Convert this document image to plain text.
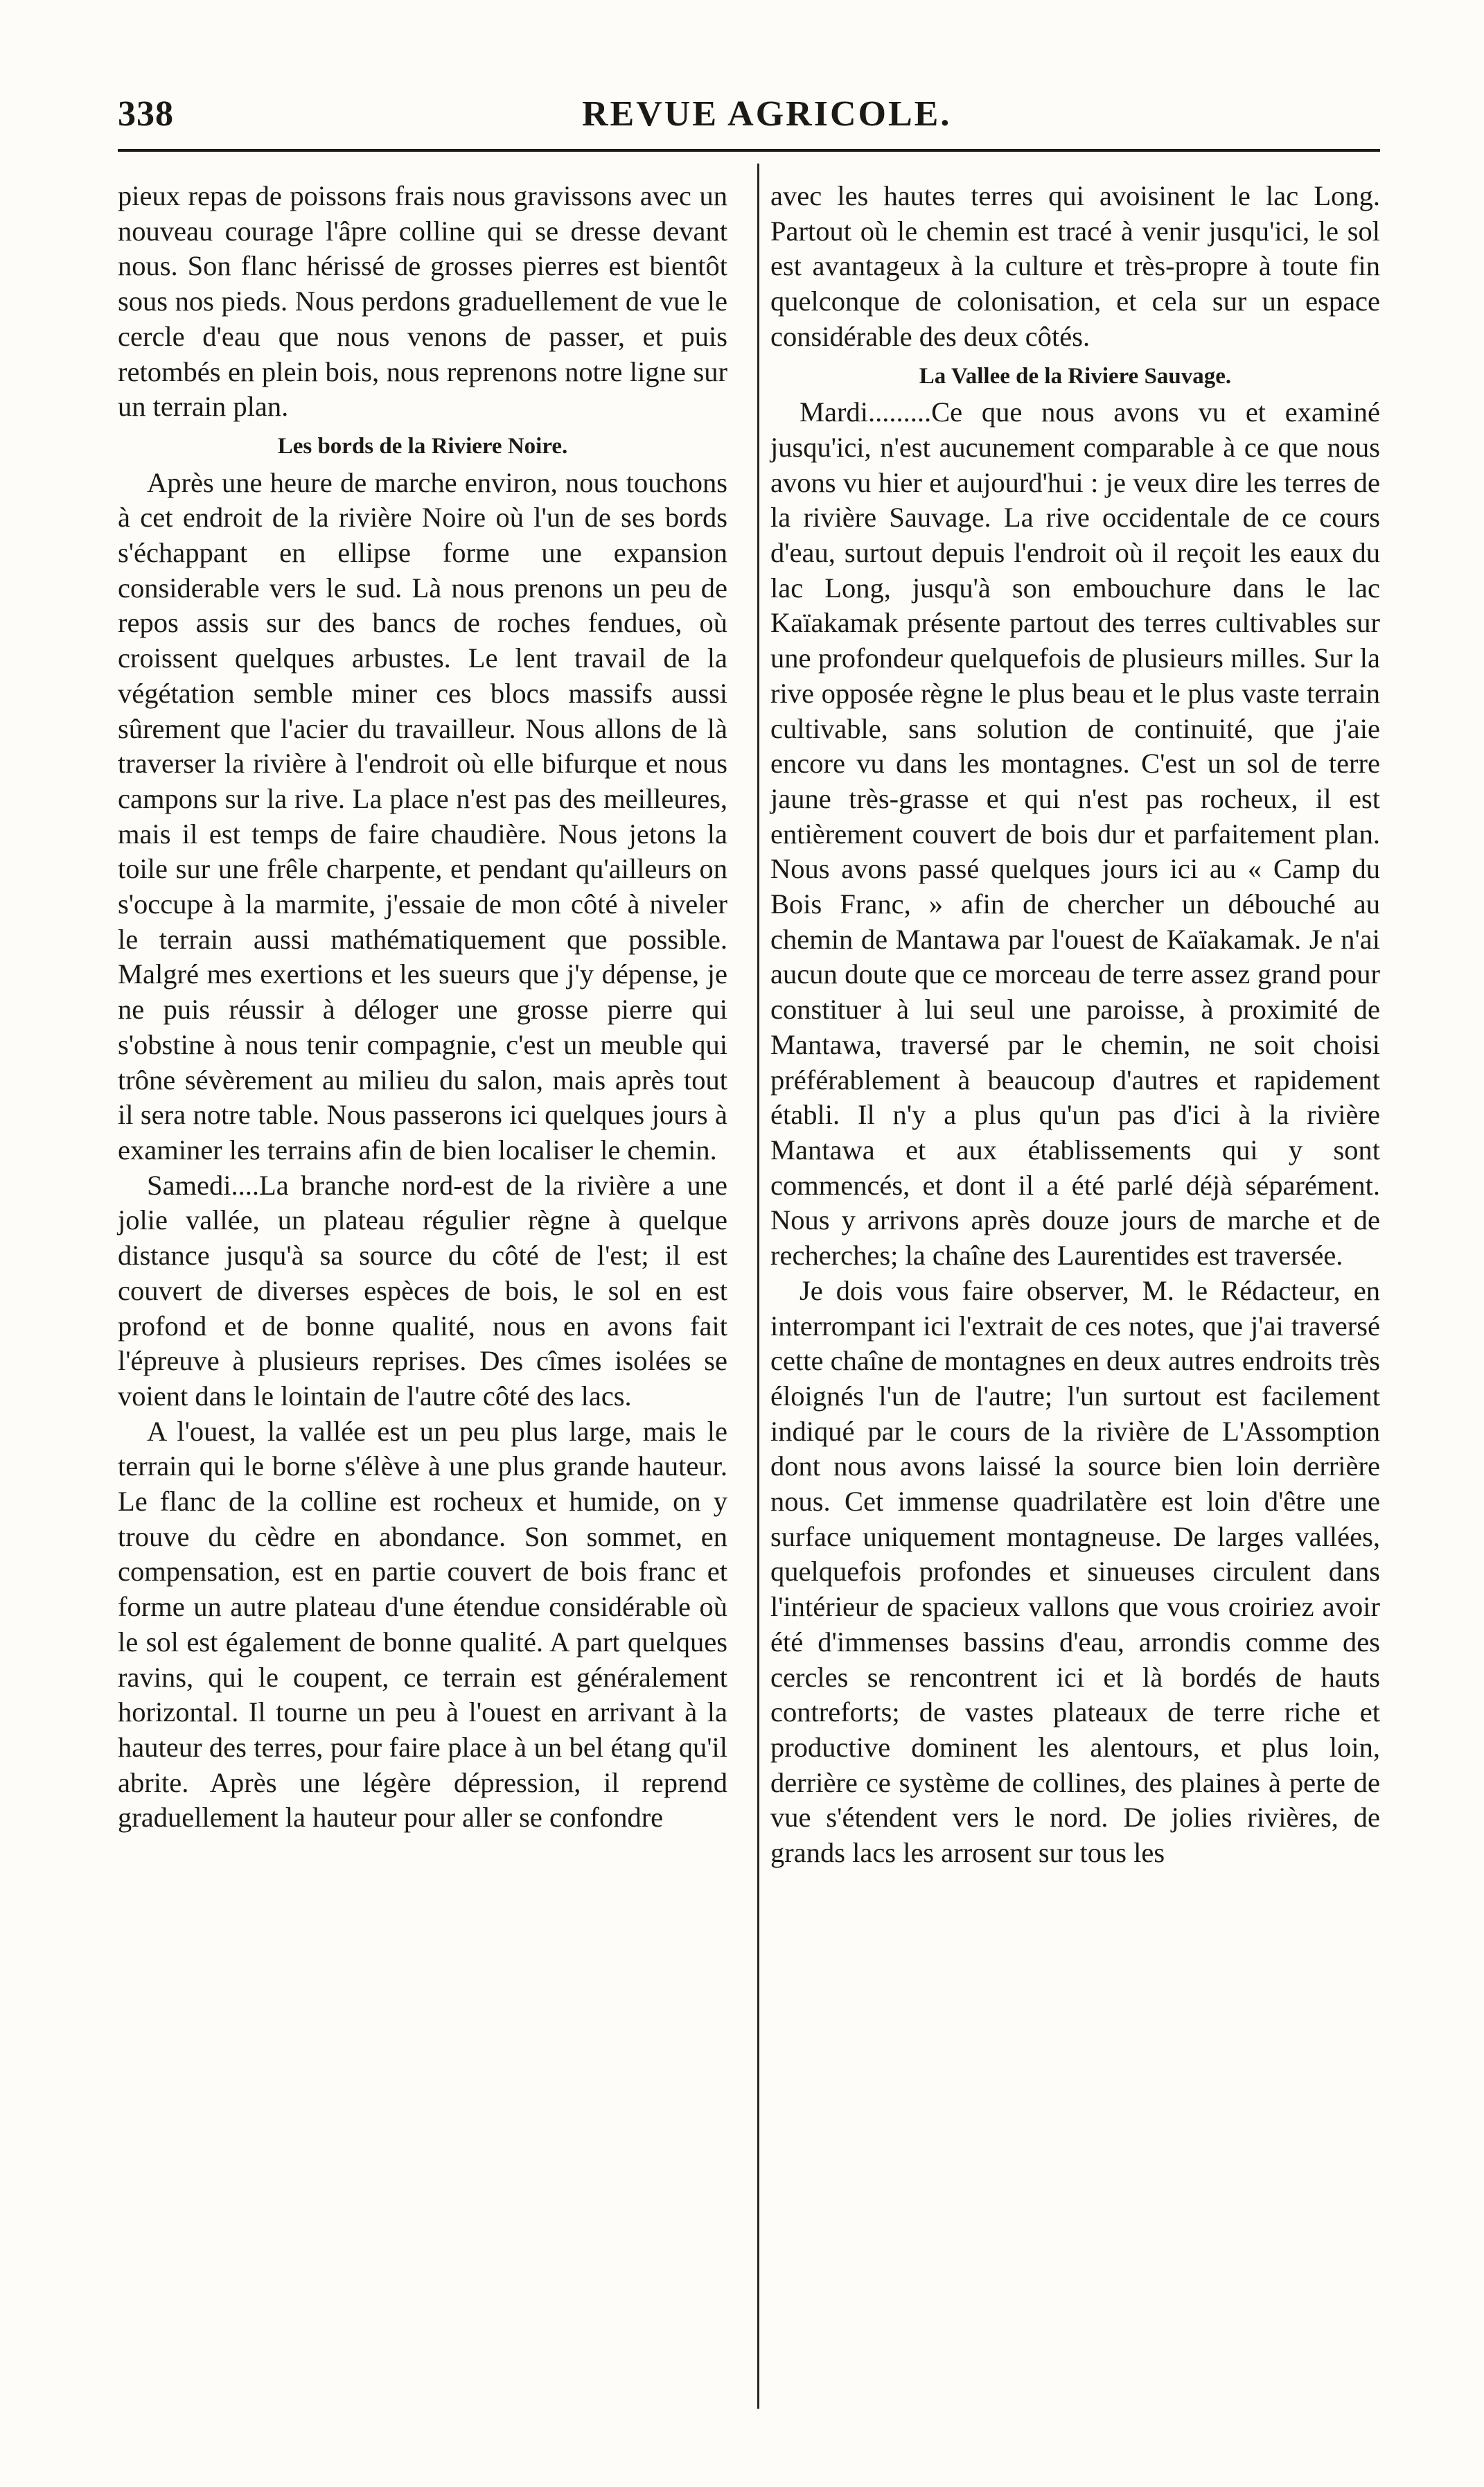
338	REVUE AGRICOLE.

pieux repas de poissons frais nous gravissons avec un nouveau courage l'âpre colline qui se dresse devant nous. Son flanc hérissé de grosses pierres est bientôt sous nos pieds. Nous perdons graduellement de vue le cercle d'eau que nous venons de passer, et puis retombés en plein bois, nous reprenons notre ligne sur un terrain plan.

Les bords de la Riviere Noire.

Après une heure de marche environ, nous touchons à cet endroit de la rivière Noire où l'un de ses bords s'échappant en ellipse forme une expansion considerable vers le sud. Là nous prenons un peu de repos assis sur des bancs de roches fendues, où croissent quelques arbustes. Le lent travail de la végétation semble miner ces blocs massifs aussi sûrement que l'acier du travailleur. Nous allons de là traverser la rivière à l'endroit où elle bifurque et nous campons sur la rive. La place n'est pas des meilleures, mais il est temps de faire chaudière. Nous jetons la toile sur une frêle charpente, et pendant qu'ailleurs on s'occupe à la marmite, j'essaie de mon côté à niveler le terrain aussi mathématiquement que possible. Malgré mes exertions et les sueurs que j'y dépense, je ne puis réussir à déloger une grosse pierre qui s'obstine à nous tenir compagnie, c'est un meuble qui trône sévèrement au milieu du salon, mais après tout il sera notre table. Nous passerons ici quelques jours à examiner les terrains afin de bien localiser le chemin.

Samedi....La branche nord-est de la rivière a une jolie vallée, un plateau régulier règne à quelque distance jusqu'à sa source du côté de l'est; il est couvert de diverses espèces de bois, le sol en est profond et de bonne qualité, nous en avons fait l'épreuve à plusieurs reprises. Des cîmes isolées se voient dans le lointain de l'autre côté des lacs.

A l'ouest, la vallée est un peu plus large, mais le terrain qui le borne s'élève à une plus grande hauteur. Le flanc de la colline est rocheux et humide, on y trouve du cèdre en abondance. Son sommet, en compensation, est en partie couvert de bois franc et forme un autre plateau d'une étendue considérable où le sol est également de bonne qualité. A part quelques ravins, qui le coupent, ce terrain est généralement horizontal. Il tourne un peu à l'ouest en arrivant à la hauteur des terres, pour faire place à un bel étang qu'il abrite. Après une légère dépression, il reprend graduellement la hauteur pour aller se confondre

avec les hautes terres qui avoisinent le lac Long. Partout où le chemin est tracé à venir jusqu'ici, le sol est avantageux à la culture et très-propre à toute fin quelconque de colonisation, et cela sur un espace considérable des deux côtés.

La Vallee de la Riviere Sauvage.

Mardi.........Ce que nous avons vu et examiné jusqu'ici, n'est aucunement comparable à ce que nous avons vu hier et aujourd'hui : je veux dire les terres de la rivière Sauvage. La rive occidentale de ce cours d'eau, surtout depuis l'endroit où il reçoit les eaux du lac Long, jusqu'à son embouchure dans le lac Kaïakamak présente partout des terres cultivables sur une profondeur quelquefois de plusieurs milles. Sur la rive opposée règne le plus beau et le plus vaste terrain cultivable, sans solution de continuité, que j'aie encore vu dans les montagnes. C'est un sol de terre jaune très-grasse et qui n'est pas rocheux, il est entièrement couvert de bois dur et parfaitement plan. Nous avons passé quelques jours ici au « Camp du Bois Franc, » afin de chercher un débouché au chemin de Mantawa par l'ouest de Kaïakamak. Je n'ai aucun doute que ce morceau de terre assez grand pour constituer à lui seul une paroisse, à proximité de Mantawa, traversé par le chemin, ne soit choisi préférablement à beaucoup d'autres et rapidement établi. Il n'y a plus qu'un pas d'ici à la rivière Mantawa et aux établissements qui y sont commencés, et dont il a été parlé déjà séparément. Nous y arrivons après douze jours de marche et de recherches; la chaîne des Laurentides est traversée.

Je dois vous faire observer, M. le Rédacteur, en interrompant ici l'extrait de ces notes, que j'ai traversé cette chaîne de montagnes en deux autres endroits très éloignés l'un de l'autre; l'un surtout est facilement indiqué par le cours de la rivière de L'Assomption dont nous avons laissé la source bien loin derrière nous. Cet immense quadrilatère est loin d'être une surface uniquement montagneuse. De larges vallées, quelquefois profondes et sinueuses circulent dans l'intérieur de spacieux vallons que vous croiriez avoir été d'immenses bassins d'eau, arrondis comme des cercles se rencontrent ici et là bordés de hauts contreforts; de vastes plateaux de terre riche et productive dominent les alentours, et plus loin, derrière ce système de collines, des plaines à perte de vue s'étendent vers le nord. De jolies rivières, de grands lacs les arrosent sur tous les
